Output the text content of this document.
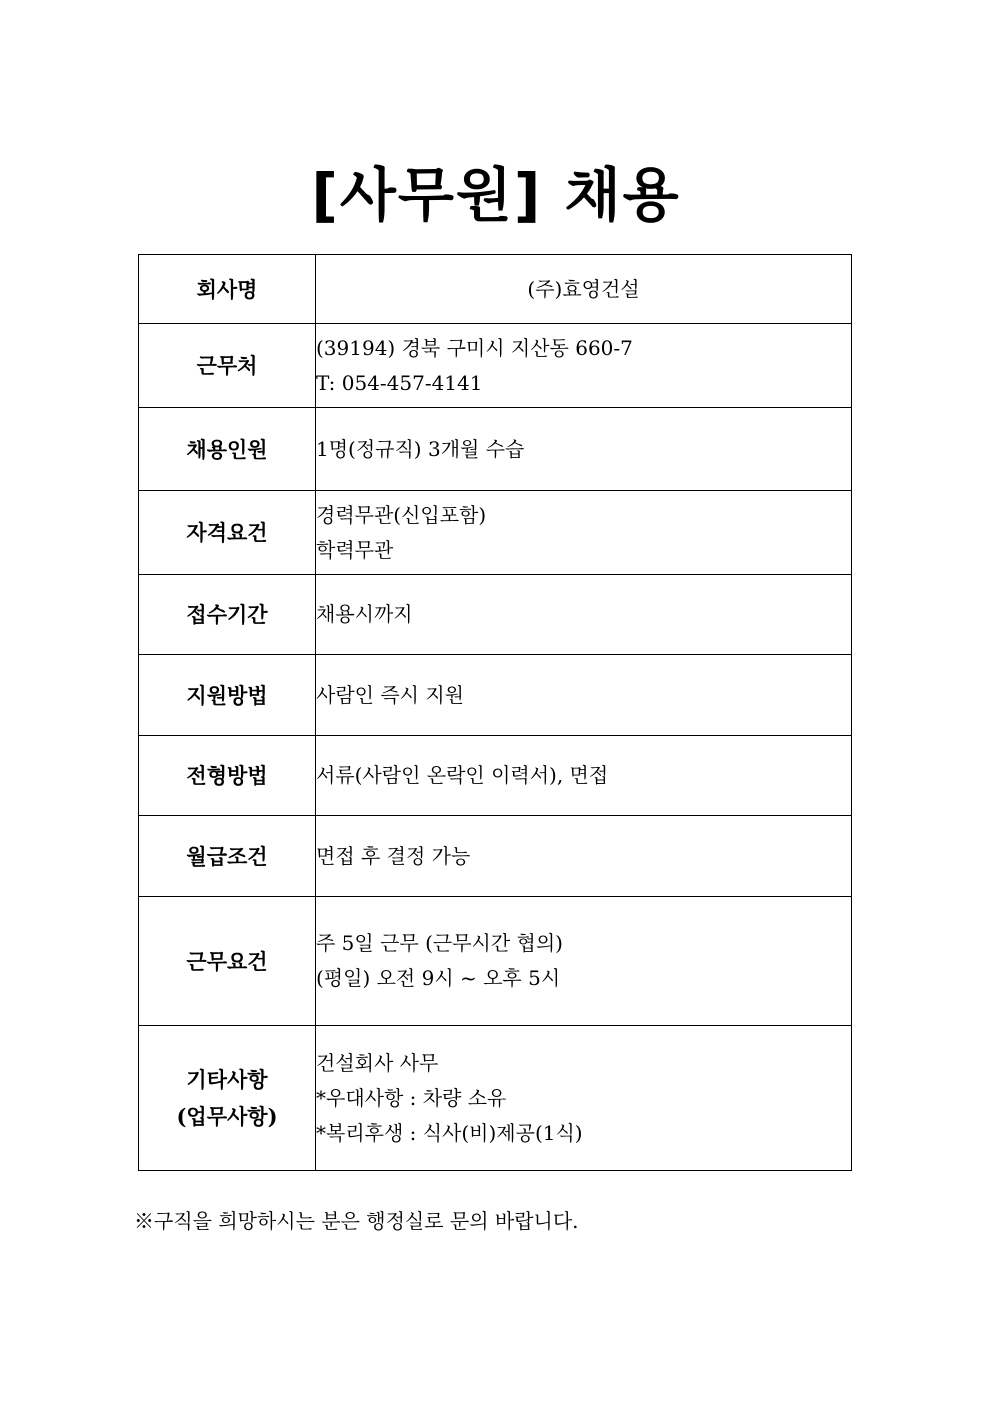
[사무원] 채용
회사명	(주)효영건설

근무처	(39194) 경북 구미시 지산동 660-7
T: 054-457-4141

채용인원	1명(정규직) 3개월 수습

자격요건	경력무관(신입포함)
학력무관

접수기간	채용시까지

지원방법	사람인 즉시 지원

전형방법	서류(사람인 온락인 이력서), 면접

월급조건	면접 후 결정 가능

근무요건	주 5일 근무 (근무시간 협의)
(평일) 오전 9시 ~ 오후 5시

기타사항
(업무사항)	건설회사 사무
*우대사항 : 차량 소유
*복리후생 : 식사(비)제공(1식)
※구직을 희망하시는 분은 행정실로 문의 바랍니다.
